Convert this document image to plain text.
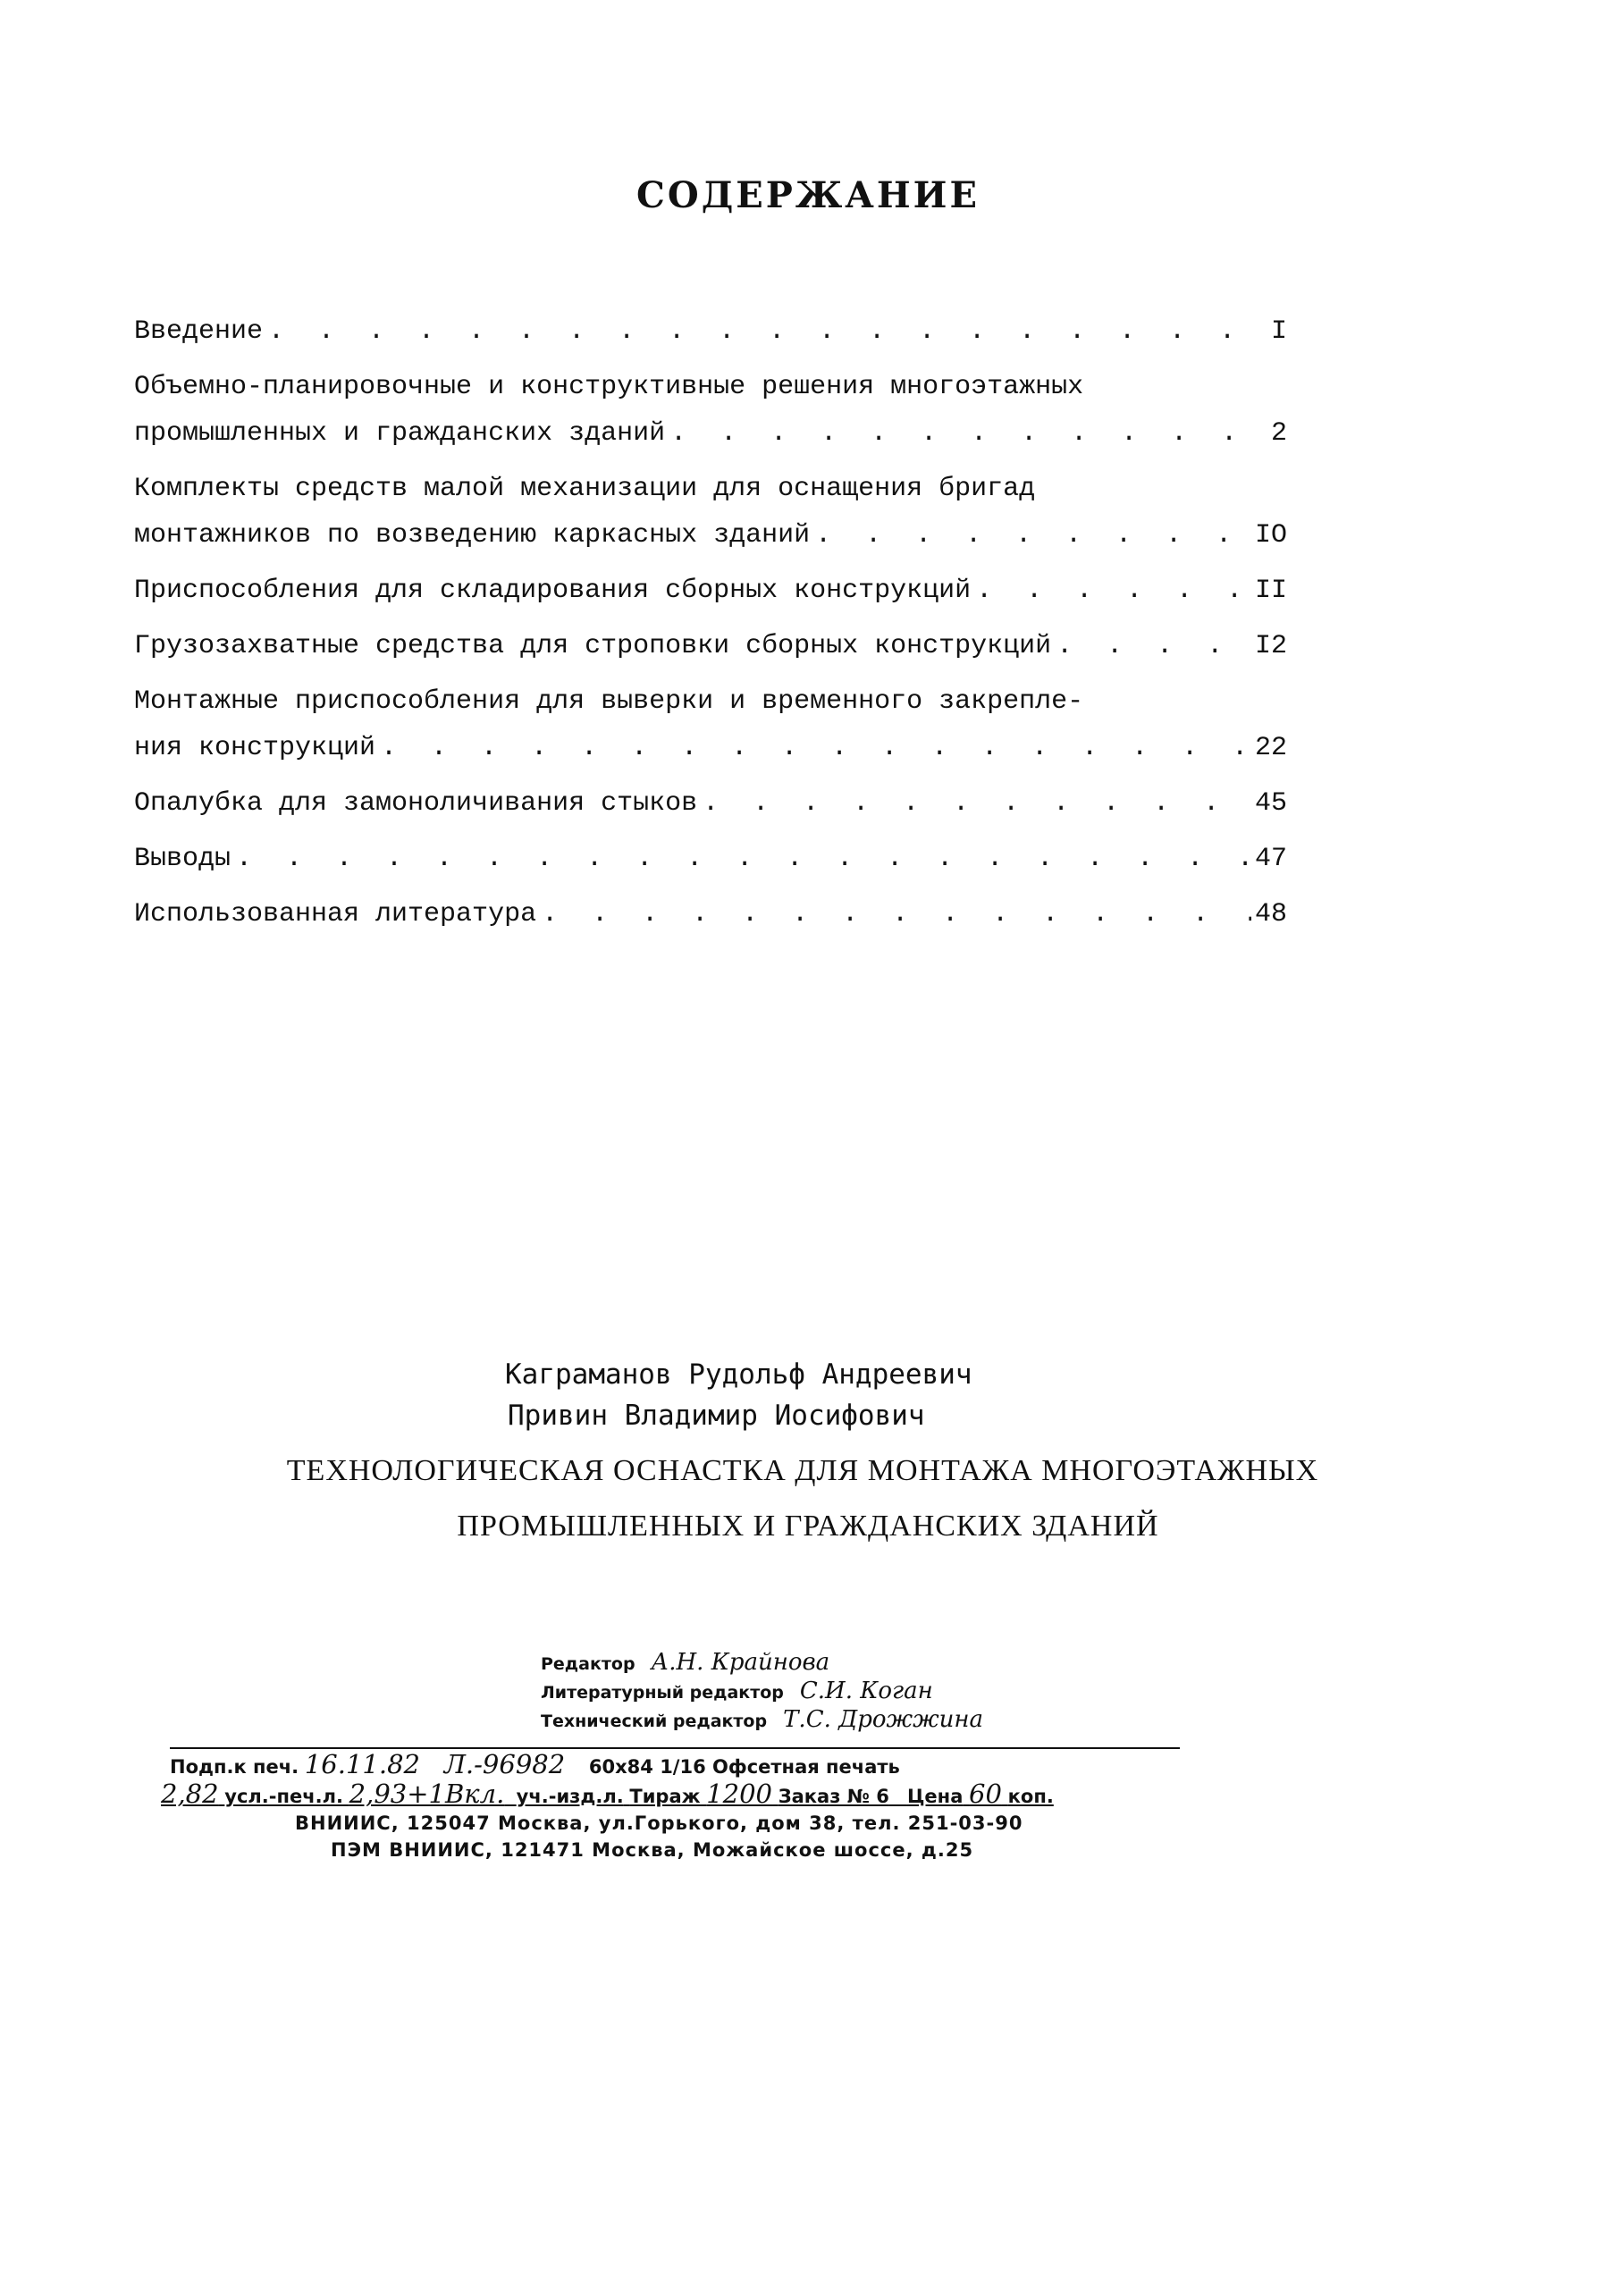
СОДЕРЖАНИЕ
Введение . . .	I
Объемно-планировочные и конструктивные решения многоэтажных
промышленных и гражданских зданий . . .	2
Комплекты средств малой механизации для оснащения бригад
монтажников по возведению каркасных зданий . . .	IO
Приспособления для складирования сборных конструкций . . .	II
Грузозахватные средства для строповки сборных конструкций . . .	I2
Монтажные приспособления для выверки и временного закрепле-
ния конструкций . . .	22
Опалубка для замоноличивания стыков . . .	45
Выводы . . .	47
Использованная литература . . .	48
Каграманов Рудольф Андреевич
Привин Владимир Иосифович
ТЕХНОЛОГИЧЕСКАЯ ОСНАСТКА ДЛЯ МОНТАЖА МНОГОЭТАЖНЫХ
ПРОМЫШЛЕННЫХ И ГРАЖДАНСКИХ ЗДАНИЙ
Редактор А.Н. Крайнова
Литературный редактор С.И. Коган
Технический редактор Т.С. Дрожжина
Подп.к печ. 16.11.82 Л.-96982 60x84 1/16 Офсетная печать
2,82 усл.-печ.л. 2,93+1Вкл. уч.-изд.л. Тираж 1200 Заказ № 6 Цена 60 коп.
ВНИИИС, 125047 Москва, ул.Горького, дом 38, тел. 251-03-90
ПЭМ ВНИИИС, 121471 Москва, Можайское шоссе, д.25
